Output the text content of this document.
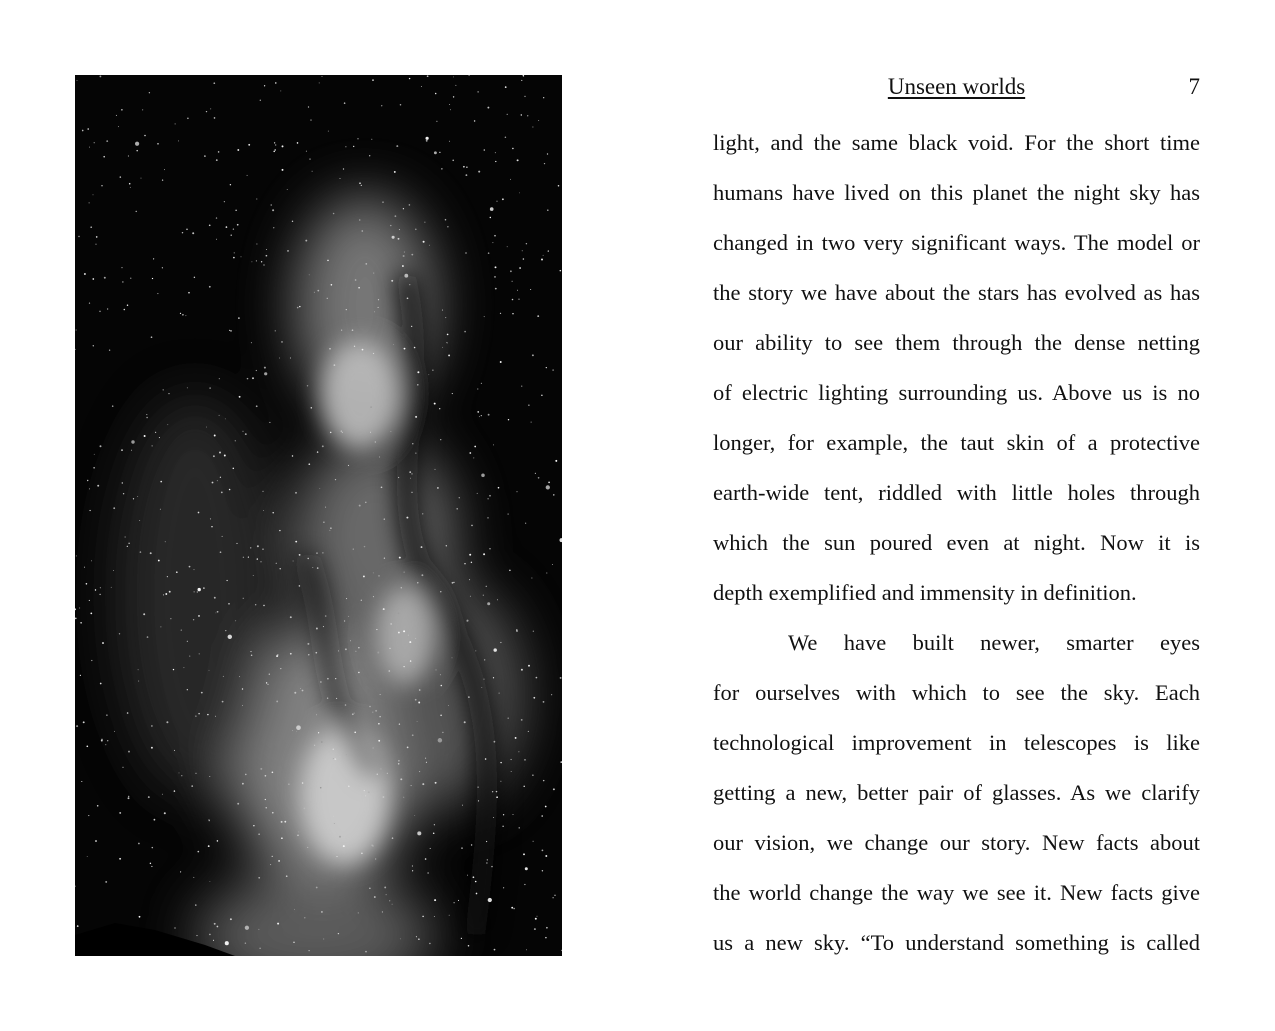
Unseen worlds	7
light, and the same black void. For the short time
humans have lived on this planet the night sky has
changed in two very significant ways. The model or
the story we have about the stars has evolved as has
our ability to see them through the dense netting
of electric lighting surrounding us. Above us is no
longer, for example, the taut skin of a protective
earth-wide tent, riddled with little holes through
which the sun poured even at night. Now it is
depth exemplified and immensity in definition.
We have built newer, smarter eyes
for ourselves with which to see the sky. Each
technological improvement in telescopes is like
getting a new, better pair of glasses. As we clarify
our vision, we change our story. New facts about
the world change the way we see it. New facts give
us a new sky. “To understand something is called
